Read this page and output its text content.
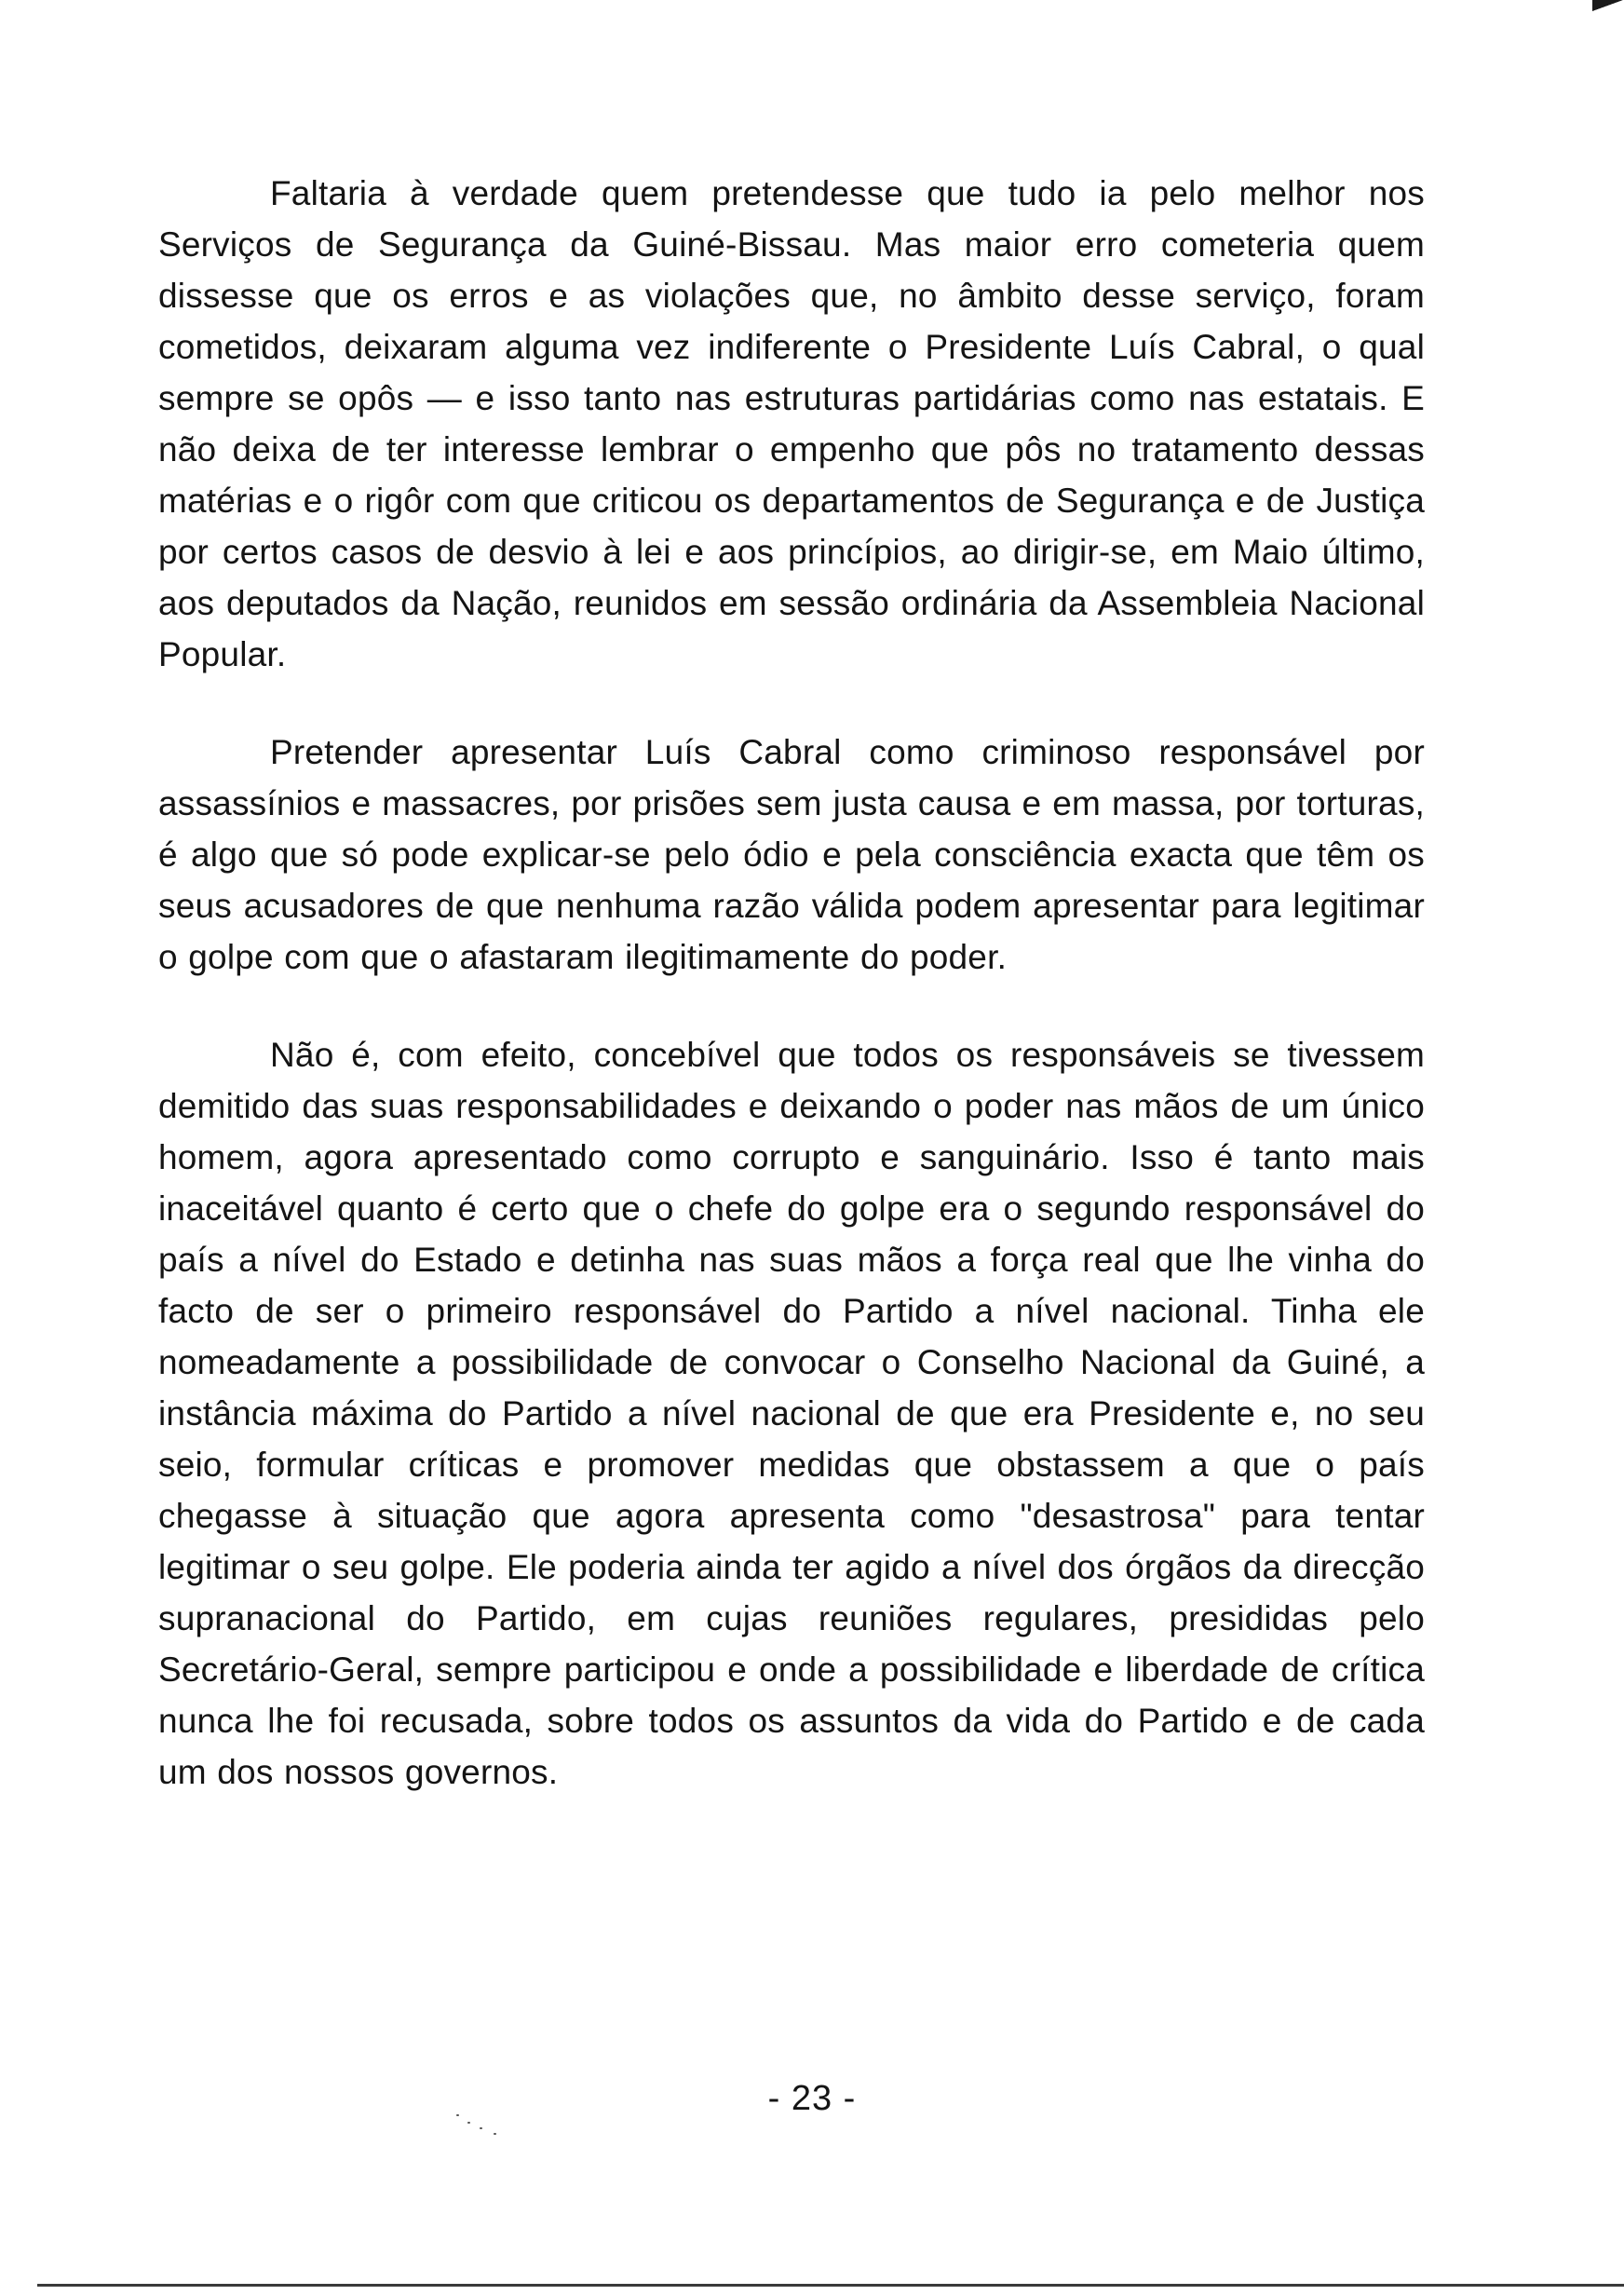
Faltaria à verdade quem pretendesse que tudo ia pelo melhor nos Serviços de Segurança da Guiné-Bissau. Mas maior erro cometeria quem dissesse que os erros e as violações que, no âmbito desse serviço, foram cometidos, deixaram alguma vez indiferente o Presidente Luís Cabral, o qual sempre se opôs — e isso tanto nas estruturas partidárias como nas estatais. E não deixa de ter interesse lembrar o empenho que pôs no tratamento dessas matérias e o rigôr com que criticou os departamentos de Segurança e de Justiça por certos casos de desvio à lei e aos princípios, ao dirigir-se, em Maio último, aos deputados da Nação, reunidos em sessão ordinária da Assembleia Nacional Popular.

Pretender apresentar Luís Cabral como criminoso responsável por assassínios e massacres, por prisões sem justa causa e em massa, por torturas, é algo que só pode explicar-se pelo ódio e pela consciência exacta que têm os seus acusadores de que nenhuma razão válida podem apresentar para legitimar o golpe com que o afastaram ilegitimamente do poder.

Não é, com efeito, concebível que todos os responsáveis se tivessem demitido das suas responsabilidades e deixando o poder nas mãos de um único homem, agora apresentado como corrupto e sanguinário. Isso é tanto mais inaceitável quanto é certo que o chefe do golpe era o segundo responsável do país a nível do Estado e detinha nas suas mãos a força real que lhe vinha do facto de ser o primeiro responsável do Partido a nível nacional. Tinha ele nomeadamente a possibilidade de convocar o Conselho Nacional da Guiné, a instância máxima do Partido a nível nacional de que era Presidente e, no seu seio, formular críticas e promover medidas que obstassem a que o país chegasse à situação que agora apresenta como "desastrosa" para tentar legitimar o seu golpe. Ele poderia ainda ter agido a nível dos órgãos da direcção supranacional do Partido, em cujas reuniões regulares, presididas pelo Secretário-Geral, sempre participou e onde a possibilidade e liberdade de crítica nunca lhe foi recusada, sobre todos os assuntos da vida do Partido e de cada um dos nossos governos.

- 23 -
